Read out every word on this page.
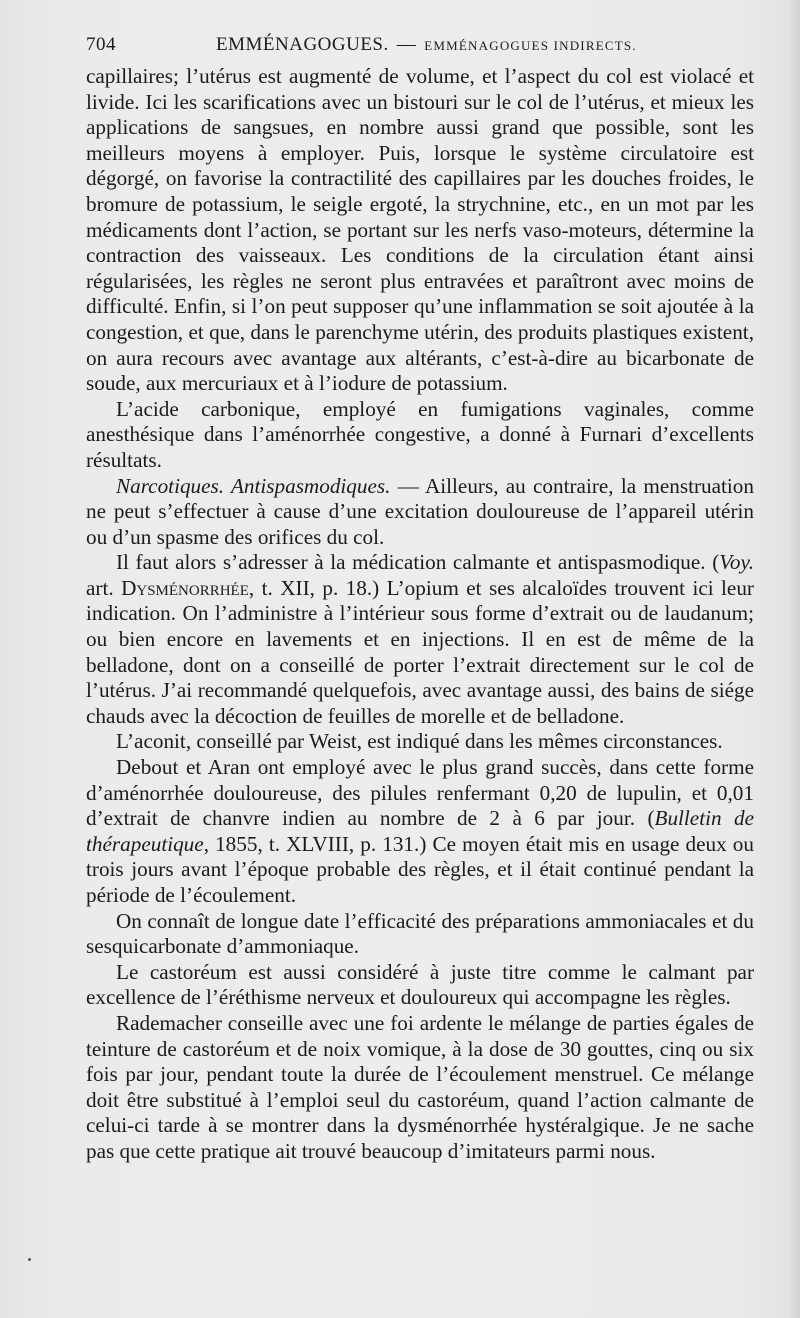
704	EMMÉNAGOGUES. — EMMÉNAGOGUES INDIRECTS.

capillaires; l’utérus est augmenté de volume, et l’aspect du col est violacé et livide. Ici les scarifications avec un bistouri sur le col de l’utérus, et mieux les applications de sangsues, en nombre aussi grand que possible, sont les meilleurs moyens à employer. Puis, lorsque le système circulatoire est dégorgé, on favorise la contractilité des capillaires par les douches froides, le bromure de potassium, le seigle ergoté, la strychnine, etc., en un mot par les médicaments dont l’action, se portant sur les nerfs vaso-moteurs, détermine la contraction des vaisseaux. Les conditions de la circulation étant ainsi régularisées, les règles ne seront plus entravées et paraîtront avec moins de difficulté. Enfin, si l’on peut supposer qu’une inflammation se soit ajoutée à la congestion, et que, dans le parenchyme utérin, des produits plastiques existent, on aura recours avec avantage aux altérants, c’est-à-dire au bicarbonate de soude, aux mercuriaux et à l’iodure de potassium.

L’acide carbonique, employé en fumigations vaginales, comme anesthésique dans l’aménorrhée congestive, a donné à Furnari d’excellents résultats.

Narcotiques. Antispasmodiques. — Ailleurs, au contraire, la menstruation ne peut s’effectuer à cause d’une excitation douloureuse de l’appareil utérin ou d’un spasme des orifices du col.

Il faut alors s’adresser à la médication calmante et antispasmodique. (Voy. art. Dysménorrhée, t. XII, p. 18.) L’opium et ses alcaloïdes trouvent ici leur indication. On l’administre à l’intérieur sous forme d’extrait ou de laudanum; ou bien encore en lavements et en injections. Il en est de même de la belladone, dont on a conseillé de porter l’extrait directement sur le col de l’utérus. J’ai recommandé quelquefois, avec avantage aussi, des bains de siége chauds avec la décoction de feuilles de morelle et de belladone.

L’aconit, conseillé par Weist, est indiqué dans les mêmes circonstances.

Debout et Aran ont employé avec le plus grand succès, dans cette forme d’aménorrhée douloureuse, des pilules renfermant 0,20 de lupulin, et 0,01 d’extrait de chanvre indien au nombre de 2 à 6 par jour. (Bulletin de thérapeutique, 1855, t. XLVIII, p. 131.) Ce moyen était mis en usage deux ou trois jours avant l’époque probable des règles, et il était continué pendant la période de l’écoulement.

On connaît de longue date l’efficacité des préparations ammoniacales et du sesquicarbonate d’ammoniaque.

Le castoréum est aussi considéré à juste titre comme le calmant par excellence de l’éréthisme nerveux et douloureux qui accompagne les règles.

Rademacher conseille avec une foi ardente le mélange de parties égales de teinture de castoréum et de noix vomique, à la dose de 30 gouttes, cinq ou six fois par jour, pendant toute la durée de l’écoulement menstruel. Ce mélange doit être substitué à l’emploi seul du castoréum, quand l’action calmante de celui-ci tarde à se montrer dans la dysménorrhée hystéralgique. Je ne sache pas que cette pratique ait trouvé beaucoup d’imitateurs parmi nous.
